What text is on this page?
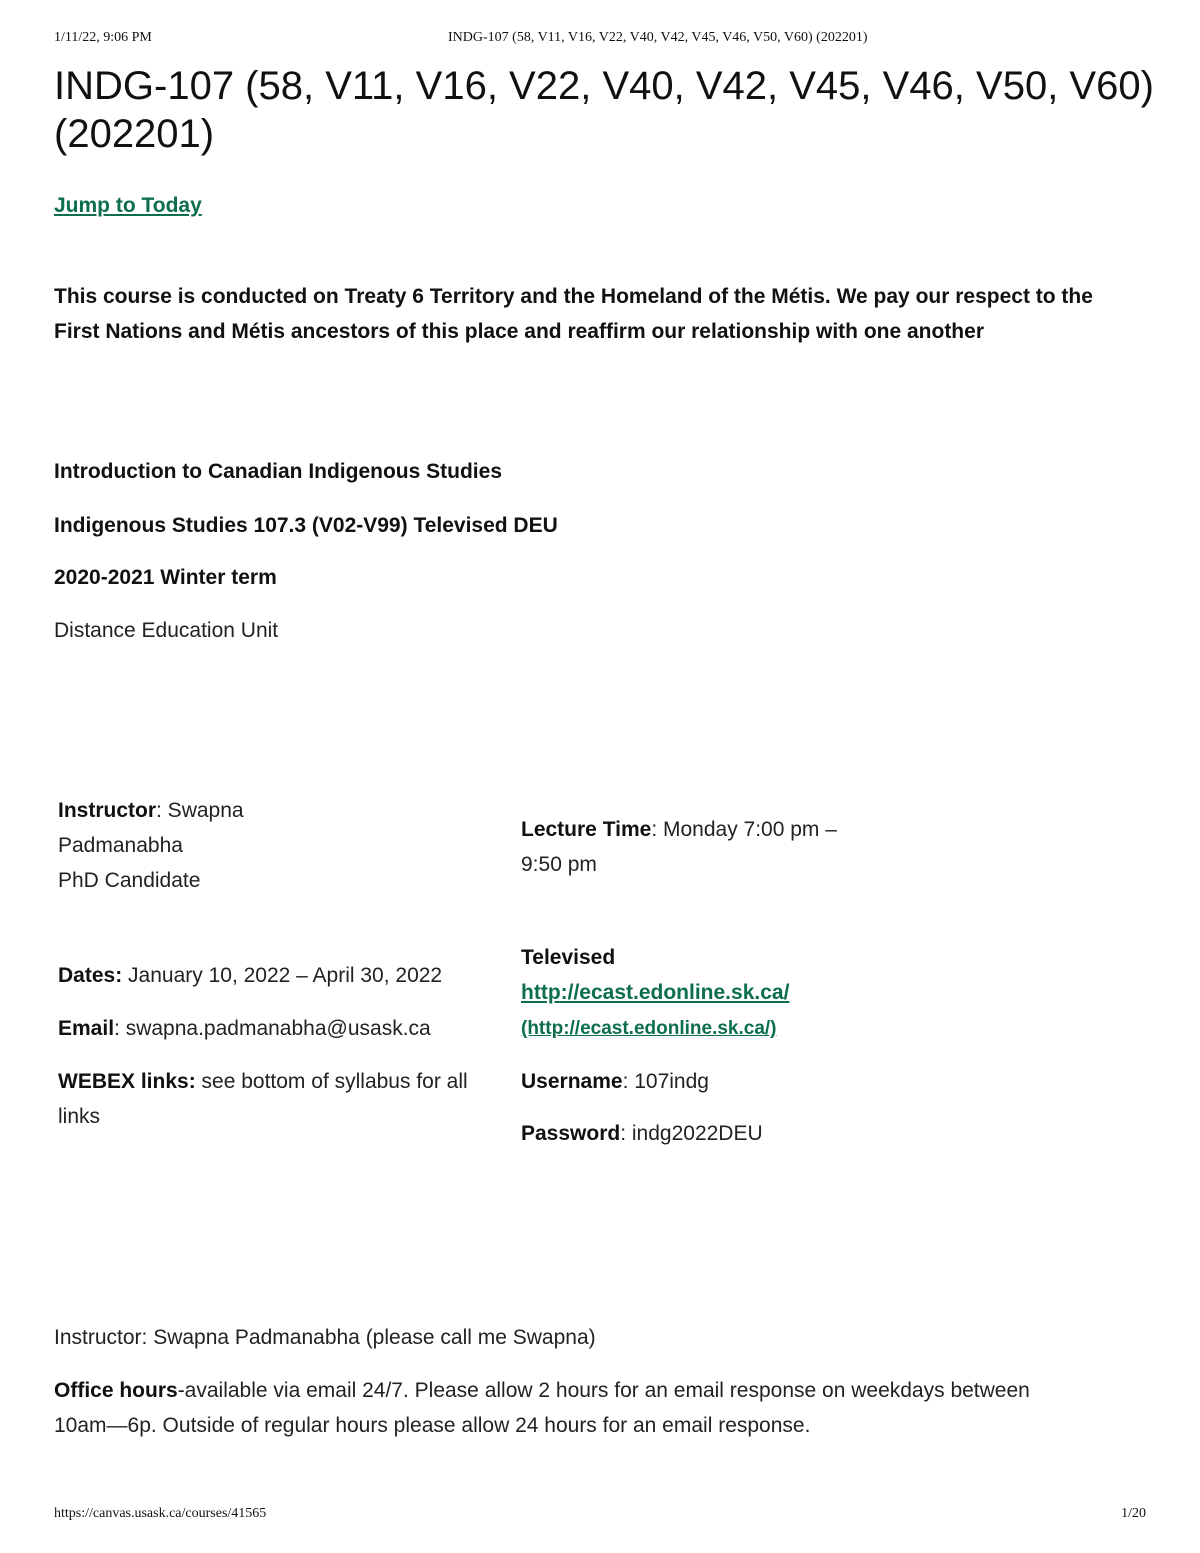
1/11/22, 9:06 PM	INDG-107 (58, V11, V16, V22, V40, V42, V45, V46, V50, V60) (202201)
INDG-107 (58, V11, V16, V22, V40, V42, V45, V46, V50, V60) (202201)
Jump to Today

This course is conducted on Treaty 6 Territory and the Homeland of the Métis. We pay our respect to the First Nations and Métis ancestors of this place and reaffirm our relationship with one another

Introduction to Canadian Indigenous Studies

Indigenous Studies 107.3 (V02-V99) Televised DEU

2020-2021 Winter term

Distance Education Unit

Instructor: Swapna
Padmanabha
PhD Candidate
Dates: January 10, 2022 – April 30, 2022
Email: swapna.padmanabha@usask.ca
WEBEX links: see bottom of syllabus for all links
Lecture Time: Monday 7:00 pm –
9:50 pm
Televised
http://ecast.edonline.sk.ca/
(http://ecast.edonline.sk.ca/)
Username: 107indg
Password: indg2022DEU
Instructor: Swapna Padmanabha (please call me Swapna)
Office hours-available via email 24/7. Please allow 2 hours for an email response on weekdays between 10am—6p. Outside of regular hours please allow 24 hours for an email response.
https://canvas.usask.ca/courses/41565	1/20
